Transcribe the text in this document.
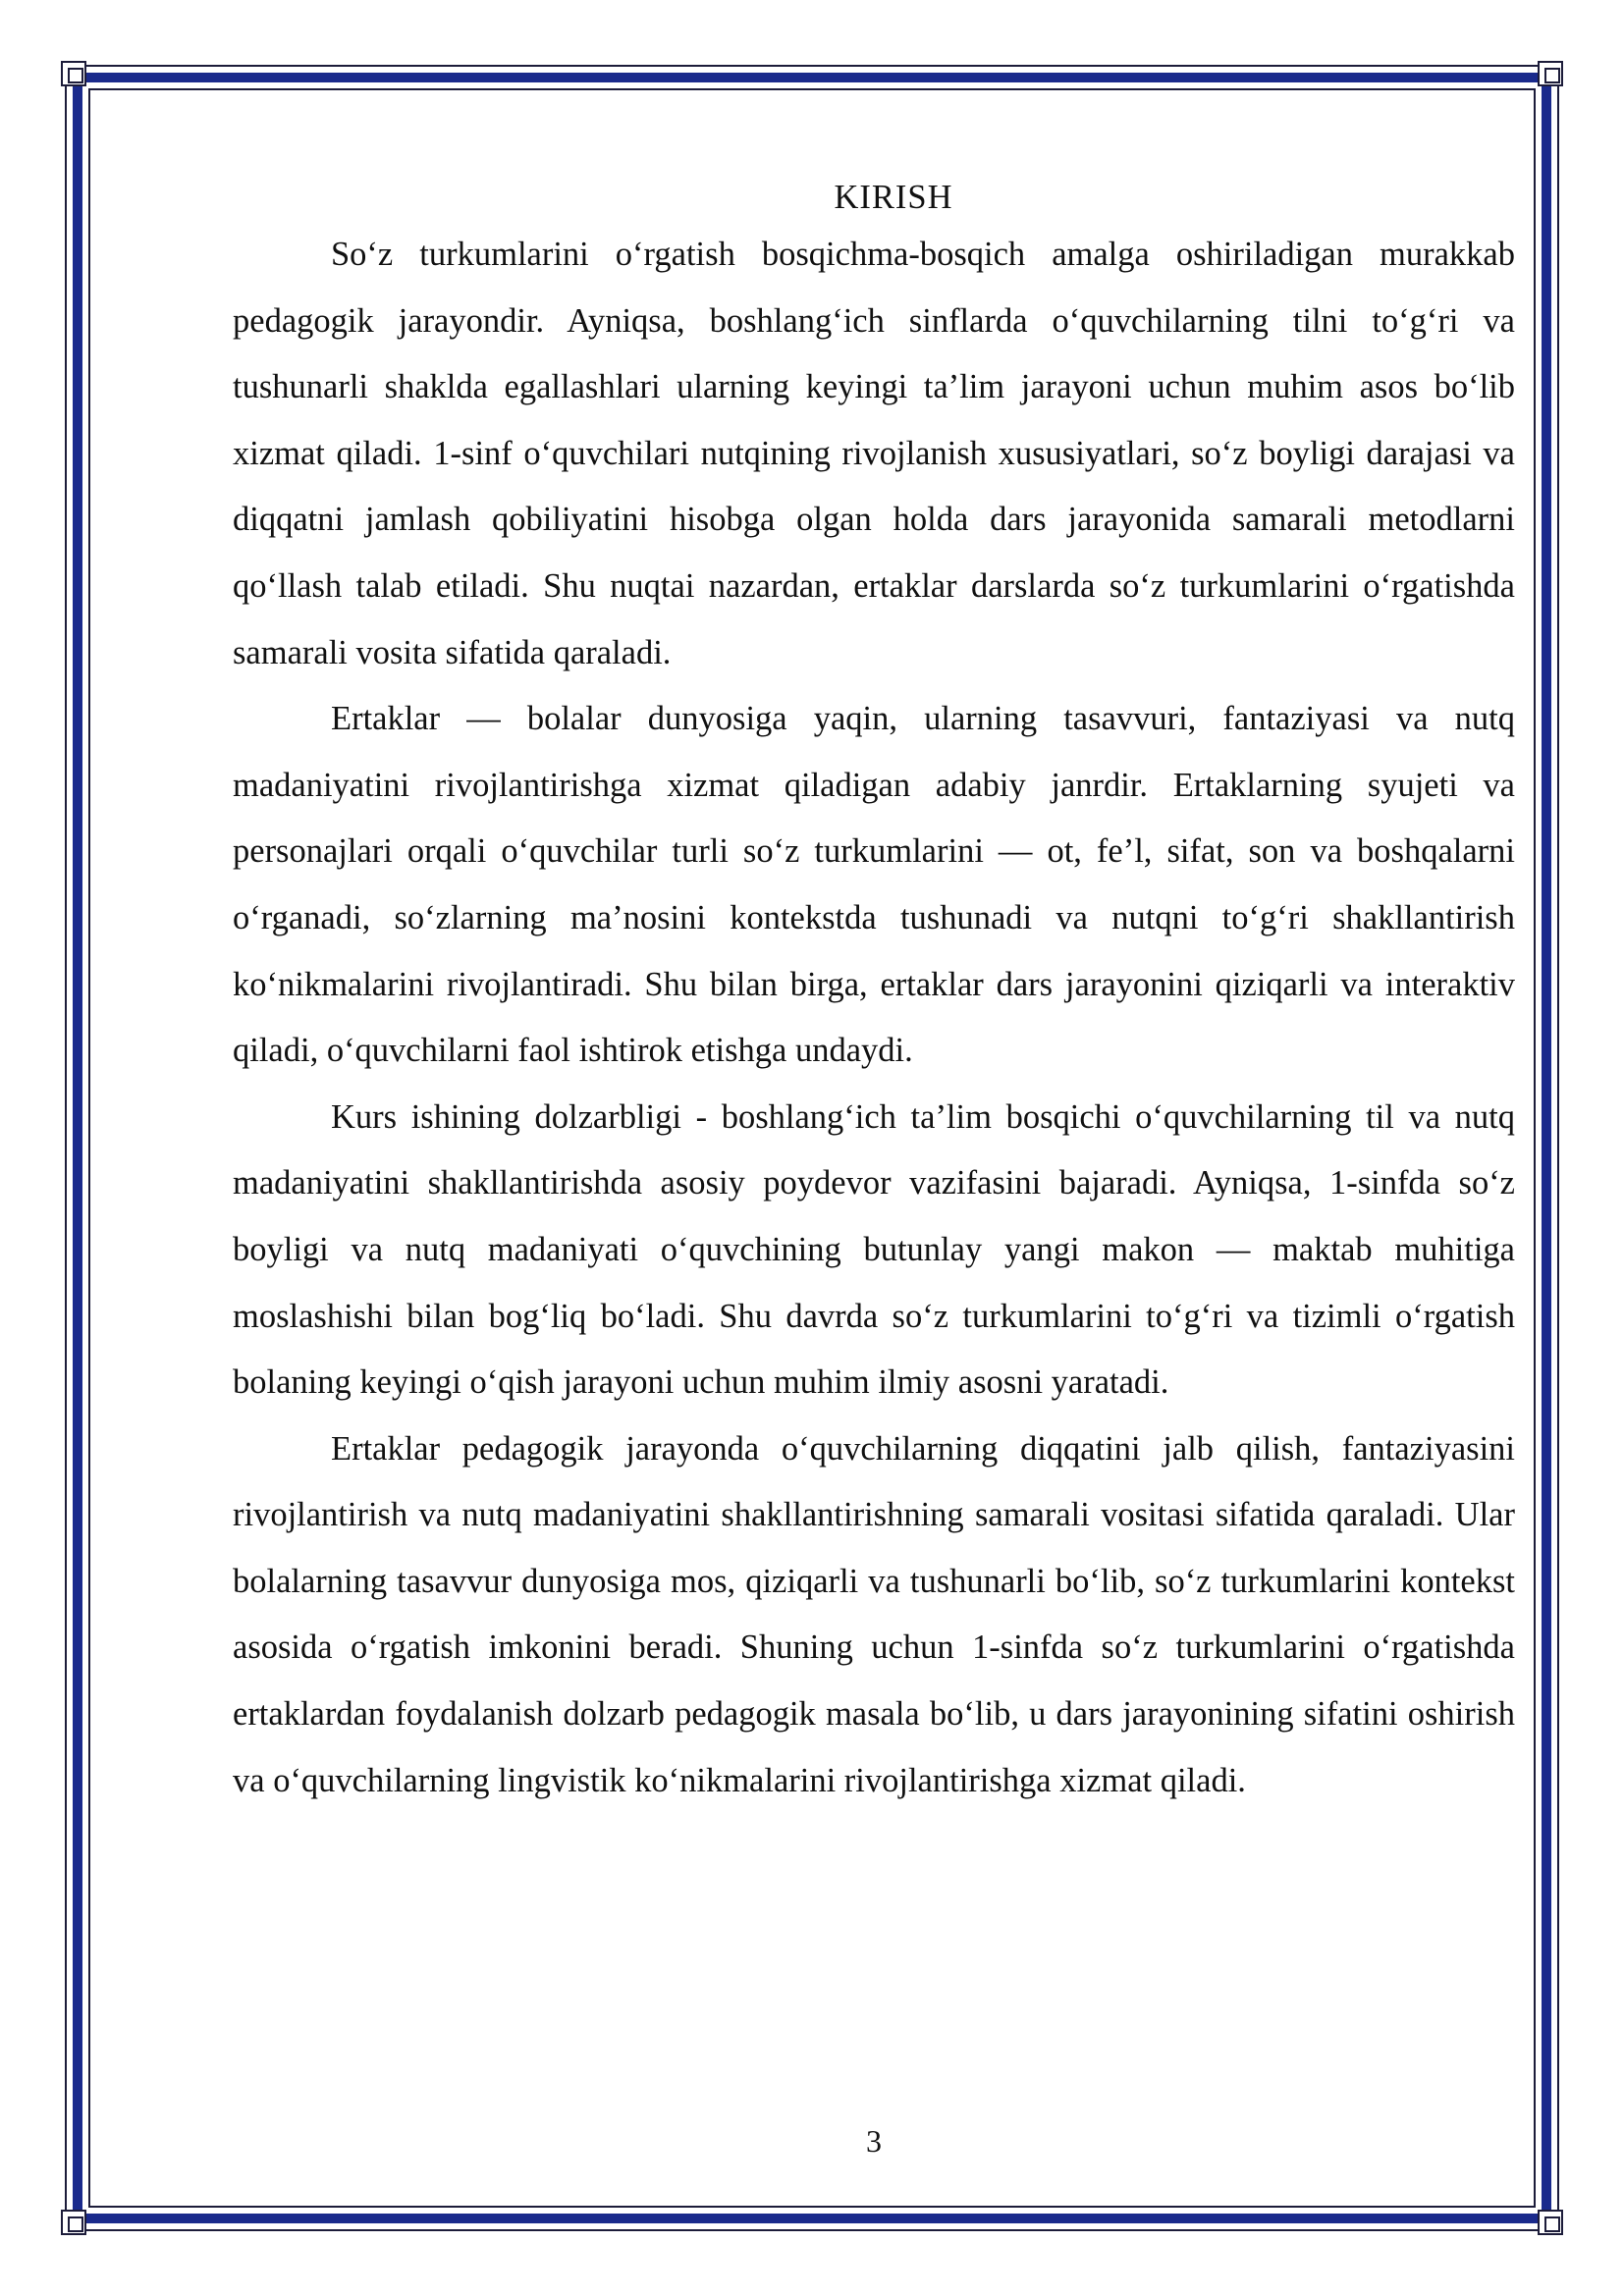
KIRISH

So‘z turkumlarini o‘rgatish bosqichma-bosqich amalga oshiriladigan murakkab pedagogik jarayondir. Ayniqsa, boshlang‘ich sinflarda o‘quvchilarning tilni to‘g‘ri va tushunarli shaklda egallashlari ularning keyingi ta’lim jarayoni uchun muhim asos bo‘lib xizmat qiladi. 1-sinf o‘quvchilari nutqining rivojlanish xususiyatlari, so‘z boyligi darajasi va diqqatni jamlash qobiliyatini hisobga olgan holda dars jarayonida samarali metodlarni qo‘llash talab etiladi. Shu nuqtai nazardan, ertaklar darslarda so‘z turkumlarini o‘rgatishda samarali vosita sifatida qaraladi.

Ertaklar — bolalar dunyosiga yaqin, ularning tasavvuri, fantaziyasi va nutq madaniyatini rivojlantirishga xizmat qiladigan adabiy janrdir. Ertaklarning syujeti va personajlari orqali o‘quvchilar turli so‘z turkumlarini — ot, fe’l, sifat, son va boshqalarni o‘rganadi, so‘zlarning ma’nosini kontekstda tushunadi va nutqni to‘g‘ri shakllantirish ko‘nikmalarini rivojlantiradi. Shu bilan birga, ertaklar dars jarayonini qiziqarli va interaktiv qiladi, o‘quvchilarni faol ishtirok etishga undaydi.

Kurs ishining dolzarbligi - boshlang‘ich ta’lim bosqichi o‘quvchilarning til va nutq madaniyatini shakllantirishda asosiy poydevor vazifasini bajaradi. Ayniqsa, 1-sinfda so‘z boyligi va nutq madaniyati o‘quvchining butunlay yangi makon — maktab muhitiga moslashishi bilan bog‘liq bo‘ladi. Shu davrda so‘z turkumlarini to‘g‘ri va tizimli o‘rgatish bolaning keyingi o‘qish jarayoni uchun muhim ilmiy asosni yaratadi.

Ertaklar pedagogik jarayonda o‘quvchilarning diqqatini jalb qilish, fantaziyasini rivojlantirish va nutq madaniyatini shakllantirishning samarali vositasi sifatida qaraladi. Ular bolalarning tasavvur dunyosiga mos, qiziqarli va tushunarli bo‘lib, so‘z turkumlarini kontekst asosida o‘rgatish imkonini beradi. Shuning uchun 1-sinfda so‘z turkumlarini o‘rgatishda ertaklardan foydalanish dolzarb pedagogik masala bo‘lib, u dars jarayonining sifatini oshirish va o‘quvchilarning lingvistik ko‘nikmalarini rivojlantirishga xizmat qiladi.

3
